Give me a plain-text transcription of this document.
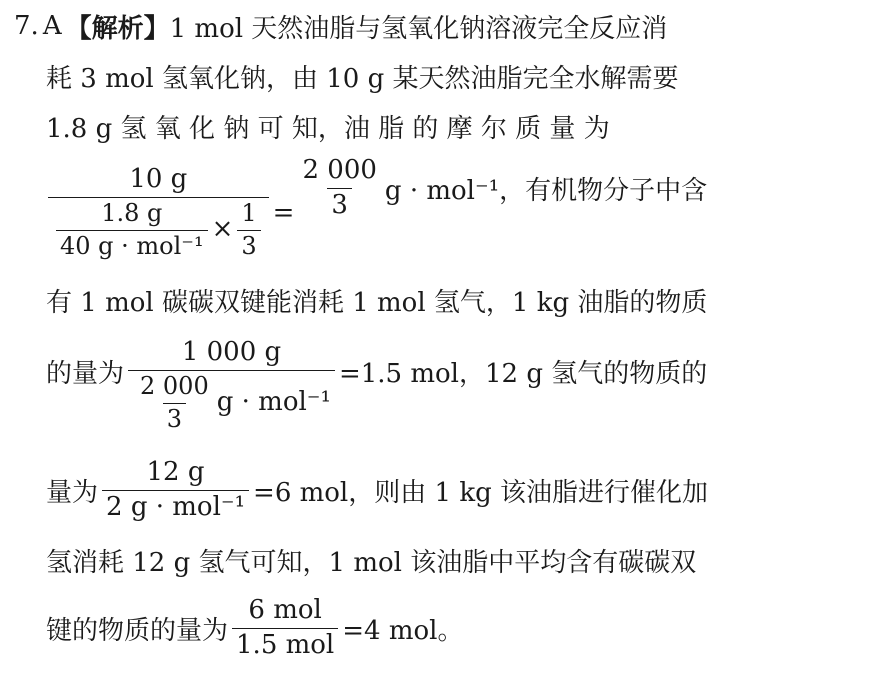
7. A 【解析】 1 mol 天然油脂与氢氧化钠溶液完全反应消
耗 3 mol 氢氧化钠，由 10 g 某天然油脂完全水解需要
1.8 g 氢 氧 化 钠 可 知，油 脂 的 摩 尔 质 量 为
10 g
$\frac{1.8 g}{\text{40 g · mol⁻¹}} \times \frac{1}{3} = \frac{2 000}{3}$ g · mol⁻¹，有机物分子中含
有 1 mol 碳碳双键能消耗 1 mol 氢气，1 kg 油脂的物质
的量为 $\frac{1 000 g}{\frac{2 000}{3} g \cdot mol^{-1}} =1.5$ mol，12 g 氢气的物质的
量为 $\frac{12 g}{\text{2 g · mol⁻¹}} =6$ mol，则由 1 kg 该油脂进行催化加
氢消耗 12 g 氢气可知，1 mol 该油脂中平均含有碳碳双
键的物质的量为 $\frac{\text{6 mol}}{\text{1.5 mol}} =4$ mol。
